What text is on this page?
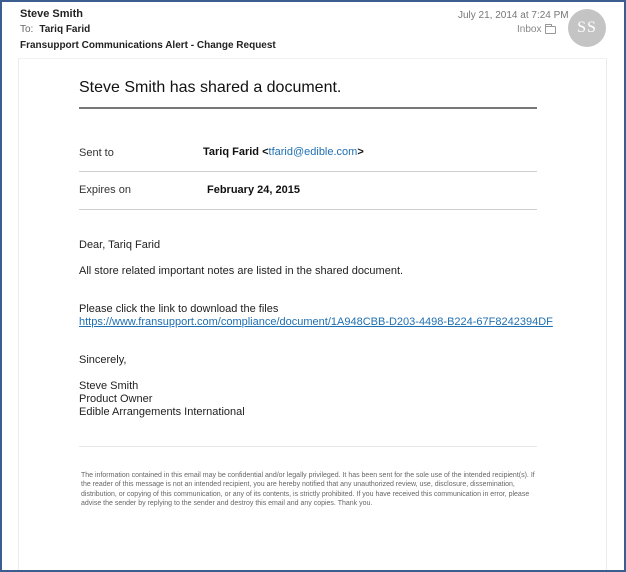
Steve Smith
To: Tariq Farid
Fransupport Communications Alert - Change Request
July 21, 2014 at 7:24 PM
Inbox	SS
Steve Smith has shared a document.
Sent to	Tariq Farid <tfarid@edible.com>
Expires on	February 24, 2015
Dear, Tariq Farid
All store related important notes are listed in the shared document.
Please click the link to download the files
https://www.fransupport.com/compliance/document/1A948CBB-D203-4498-B224-67F8242394DF
Sincerely,
Steve Smith
Product Owner
Edible Arrangements International
The information contained in this email may be confidential and/or legally privileged. It has been sent for the sole use of the intended recipient(s). If the reader of this message is not an intended recipient, you are hereby notified that any unauthorized review, use, disclosure, dissemination, distribution, or copying of this communication, or any of its contents, is strictly prohibited. If you have received this communication in error, please advise the sender by replying to the sender and destroy this email and any copies. Thank you.
